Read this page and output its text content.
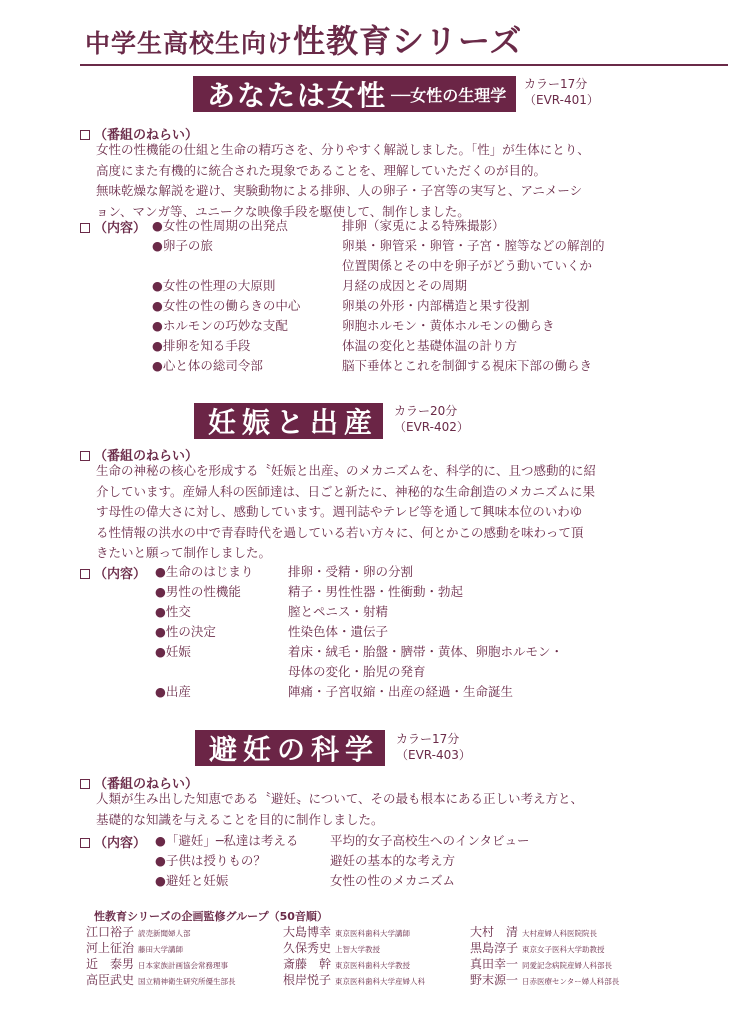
中学生高校生向け性教育シリーズ
あなたは女性 ──女性の生理学
カラー17分
（EVR-401）
（番組のねらい）
女性の性機能の仕組と生命の精巧さを、分りやすく解説しました。「性」が生体にとり、
高度にまた有機的に統合された現象であることを、理解していただくのが目的。
無味乾燥な解説を避け、実験動物による排卵、人の卵子・子宮等の実写と、アニメーシ
ョン、マンガ等、ユニークな映像手段を駆使して、制作しました。
（内容） ●女性の性周期の出発点	排卵（家兎による特殊撮影）
●卵子の旅	卵巣・卵管采・卵管・子宮・膣等などの解剖的
位置関係とその中を卵子がどう動いていくか
●女性の性理の大原則	月経の成因とその周期
●女性の性の働らきの中心	卵巣の外形・内部構造と果す役割
●ホルモンの巧妙な支配	卵胞ホルモン・黄体ホルモンの働らき
●排卵を知る手段	体温の変化と基礎体温の計り方
●心と体の総司令部	脳下垂体とこれを制御する視床下部の働らき
妊娠と出産 カラー20分
（EVR-402）
（番組のねらい）
生命の神秘の核心を形成する〝妊娠と出産〟のメカニズムを、科学的に、且つ感動的に紹
介しています。産婦人科の医師達は、日ごと新たに、神秘的な生命創造のメカニズムに果
す母性の偉大さに対し、感動しています。週刊誌やテレビ等を通して興味本位のいわゆ
る性情報の洪水の中で青春時代を過している若い方々に、何とかこの感動を味わって頂
きたいと願って制作しました。
（内容） ●生命のはじまり	排卵・受精・卵の分割
●男性の性機能	精子・男性性器・性衝動・勃起
●性交	膣とペニス・射精
●性の決定	性染色体・遺伝子
●妊娠	着床・絨毛・胎盤・臍帯・黄体、卵胞ホルモン・
母体の変化・胎児の発育
●出産	陣痛・子宮収縮・出産の経過・生命誕生
避妊の科学 カラー17分
（EVR-403）
（番組のねらい）
人類が生み出した知恵である〝避妊〟について、その最も根本にある正しい考え方と、
基礎的な知識を与えることを目的に制作しました。
（内容） ●「避妊」─私達は考える	平均的女子高校生へのインタビュー
●子供は授りもの？	避妊の基本的な考え方
●避妊と妊娠	女性の性のメカニズム
性教育シリーズの企画監修グループ（50音順）
江口裕子 読売新聞婦人部
河上征治 藤田大学講師
近　泰男 日本家族計画協会常務理事
高臣武史 国立精神衛生研究所優生部長
大島博幸 東京医科歯科大学講師
久保秀史 上智大学教授
斎藤　幹 東京医科歯科大学教授
根岸悦子 東京医科歯科大学産婦人科
大村　清 大村産婦人科医院院長
黒島淳子 東京女子医科大学助教授
真田幸一 同愛記念病院産婦人科部長
野末源一 日赤医療センター婦人科部長
